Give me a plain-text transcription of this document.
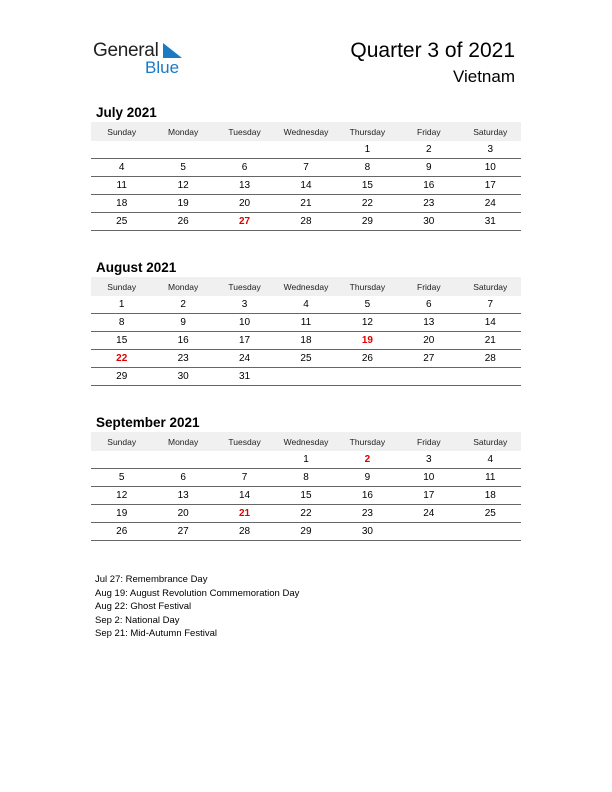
General
Blue
Quarter 3 of 2021
Vietnam
July 2021
Sunday	Monday	Tuesday	Wednesday	Thursday	Friday	Saturday
				1	2	3
4	5	6	7	8	9	10
11	12	13	14	15	16	17
18	19	20	21	22	23	24
25	26	27	28	29	30	31
August 2021
Sunday	Monday	Tuesday	Wednesday	Thursday	Friday	Saturday
1	2	3	4	5	6	7
8	9	10	11	12	13	14
15	16	17	18	19	20	21
22	23	24	25	26	27	28
29	30	31				
September 2021
Sunday	Monday	Tuesday	Wednesday	Thursday	Friday	Saturday
			1	2	3	4
5	6	7	8	9	10	11
12	13	14	15	16	17	18
19	20	21	22	23	24	25
26	27	28	29	30		
Jul 27: Remembrance Day
Aug 19: August Revolution Commemoration Day
Aug 22: Ghost Festival
Sep 2: National Day
Sep 21: Mid-Autumn Festival
